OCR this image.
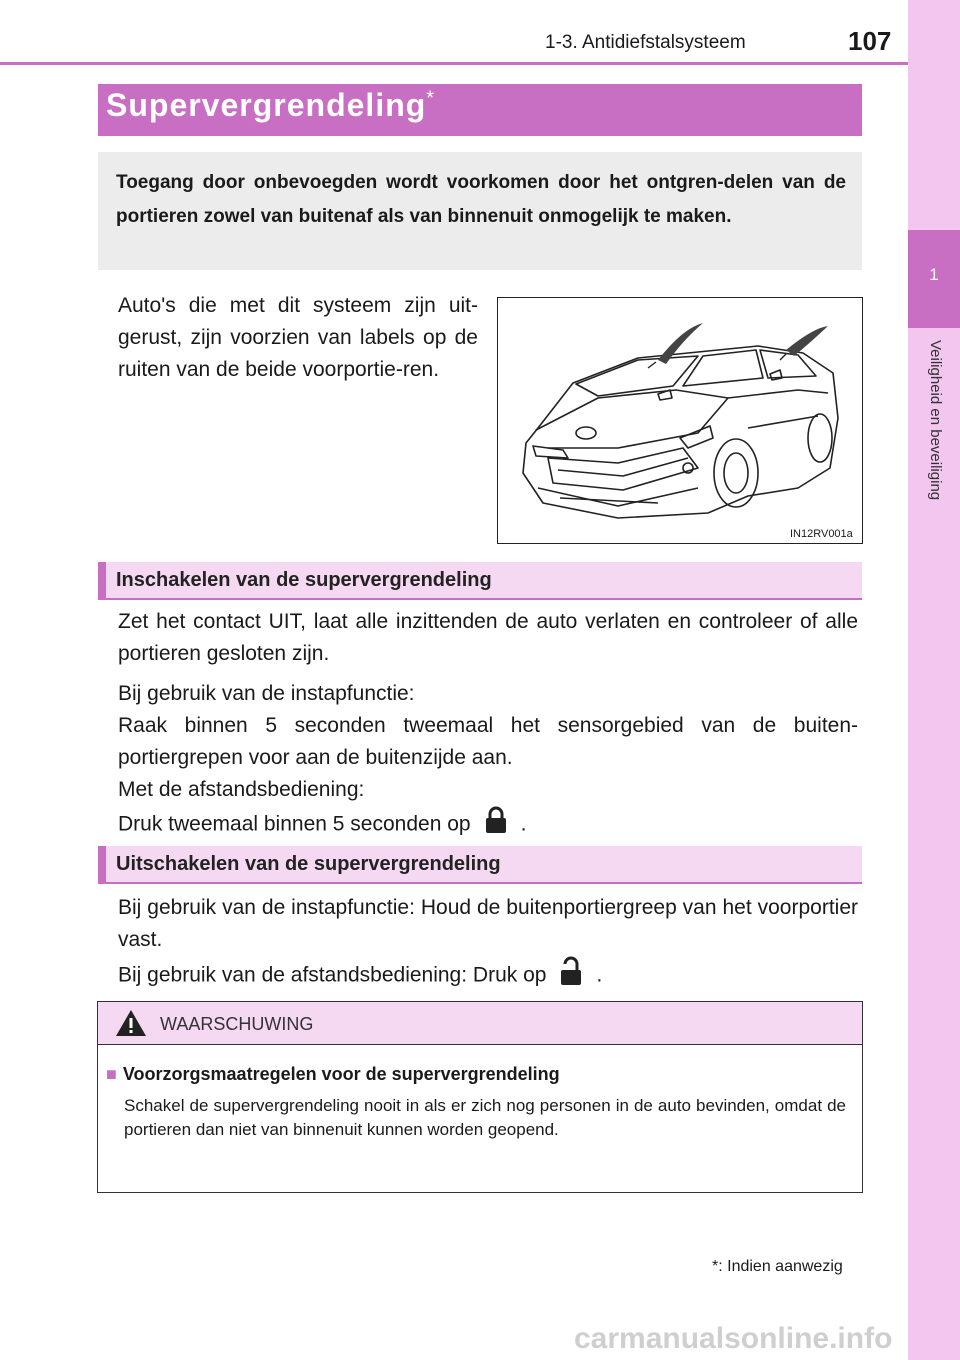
1-3. Antidiefstalsysteem	107
1
Veiligheid en beveiliging
Supervergrendeling*
Toegang door onbevoegden wordt voorkomen door het ontgren-delen van de portieren zowel van buitenaf als van binnenuit onmogelijk te maken.
Auto's die met dit systeem zijn uit-gerust, zijn voorzien van labels op de ruiten van de beide voorportie-ren.
IN12RV001a
Inschakelen van de supervergrendeling
Zet het contact UIT, laat alle inzittenden de auto verlaten en controleer of alle portieren gesloten zijn.
Bij gebruik van de instapfunctie:
Raak binnen 5 seconden tweemaal het sensorgebied van de buiten-portiergrepen voor aan de buitenzijde aan.
Met de afstandsbediening:
Druk tweemaal binnen 5 seconden op .
Uitschakelen van de supervergrendeling
Bij gebruik van de instapfunctie: Houd de buitenportiergreep van het voorportier vast.
Bij gebruik van de afstandsbediening: Druk op .
WAARSCHUWING
■ Voorzorgsmaatregelen voor de supervergrendeling
Schakel de supervergrendeling nooit in als er zich nog personen in de auto bevinden, omdat de portieren dan niet van binnenuit kunnen worden geopend.
*: Indien aanwezig
carmanualsonline.info
